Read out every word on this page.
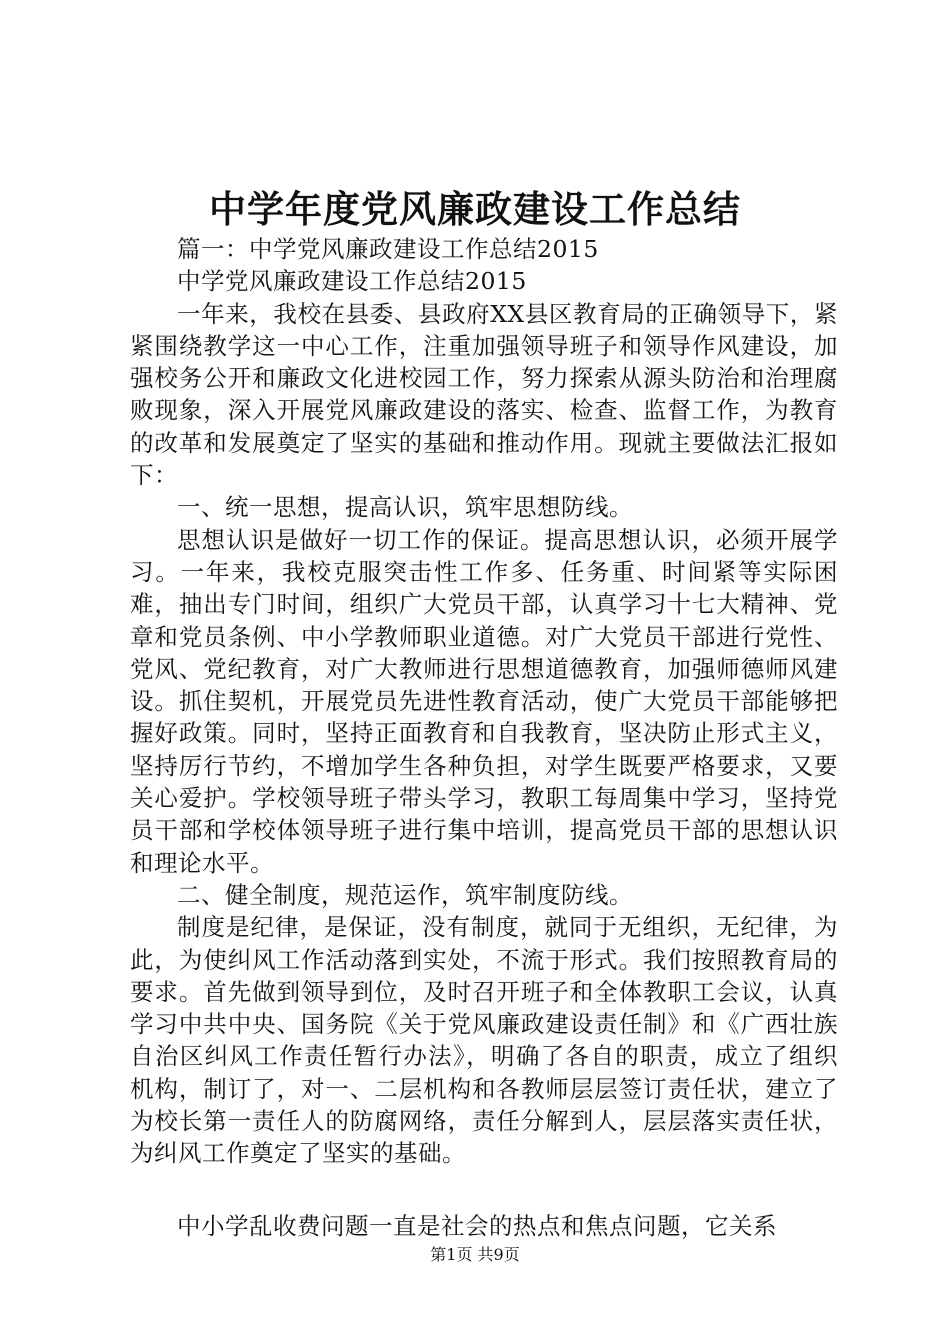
中学年度党风廉政建设工作总结

篇一：中学党风廉政建设工作总结2015

中学党风廉政建设工作总结2015

一年来，我校在县委、县政府XX县区教育局的正确领导下，紧紧围绕教学这一中心工作，注重加强领导班子和领导作风建设，加强校务公开和廉政文化进校园工作，努力探索从源头防治和治理腐败现象，深入开展党风廉政建设的落实、检查、监督工作，为教育的改革和发展奠定了坚实的基础和推动作用。现就主要做法汇报如下：

一、统一思想，提高认识，筑牢思想防线。

思想认识是做好一切工作的保证。提高思想认识，必须开展学习。一年来，我校克服突击性工作多、任务重、时间紧等实际困难，抽出专门时间，组织广大党员干部，认真学习十七大精神、党章和党员条例、中小学教师职业道德。对广大党员干部进行党性、党风、党纪教育，对广大教师进行思想道德教育，加强师德师风建设。抓住契机，开展党员先进性教育活动，使广大党员干部能够把握好政策。同时，坚持正面教育和自我教育，坚决防止形式主义，坚持厉行节约，不增加学生各种负担，对学生既要严格要求，又要关心爱护。学校领导班子带头学习，教职工每周集中学习，坚持党员干部和学校体领导班子进行集中培训，提高党员干部的思想认识和理论水平。

二、健全制度，规范运作，筑牢制度防线。

制度是纪律，是保证，没有制度，就同于无组织，无纪律，为此，为使纠风工作活动落到实处，不流于形式。我们按照教育局的要求。首先做到领导到位，及时召开班子和全体教职工会议，认真学习中共中央、国务院《关于党风廉政建设责任制》和《广西壮族自治区纠风工作责任暂行办法》，明确了各自的职责，成立了组织机构，制订了，对一、二层机构和各教师层层签订责任状，建立了为校长第一责任人的防腐网络，责任分解到人，层层落实责任状，为纠风工作奠定了坚实的基础。

中小学乱收费问题一直是社会的热点和焦点问题，它关系

第1页 共9页
